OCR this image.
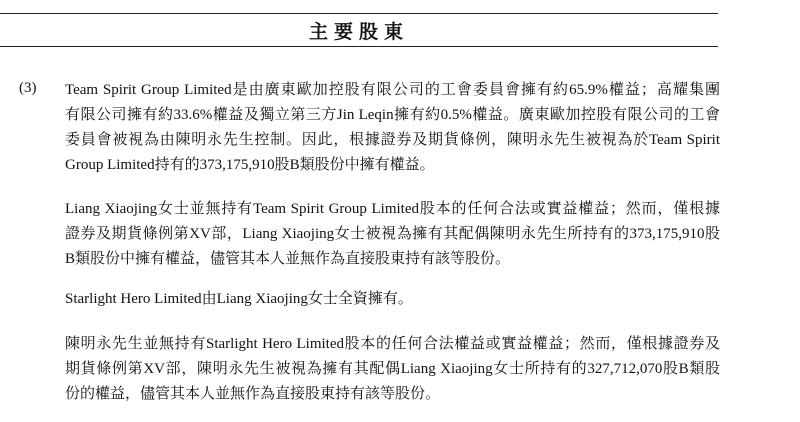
主要股東
(3) Team Spirit Group Limited是由廣東歐加控股有限公司的工會委員會擁有約65.9%權益；高耀集團
有限公司擁有約33.6%權益及獨立第三方Jin Leqin擁有約0.5%權益。廣東歐加控股有限公司的工會
委員會被視為由陳明永先生控制。因此，根據證券及期貨條例，陳明永先生被視為於Team Spirit
Group Limited持有的373,175,910股B類股份中擁有權益。
Liang Xiaojing女士並無持有Team Spirit Group Limited股本的任何合法或實益權益；然而，僅根據
證券及期貨條例第XV部，Liang Xiaojing女士被視為擁有其配偶陳明永先生所持有的373,175,910股
B類股份中擁有權益，儘管其本人並無作為直接股東持有該等股份。
Starlight Hero Limited由Liang Xiaojing女士全資擁有。
陳明永先生並無持有Starlight Hero Limited股本的任何合法權益或實益權益；然而，僅根據證券及
期貨條例第XV部，陳明永先生被視為擁有其配偶Liang Xiaojing女士所持有的327,712,070股B類股
份的權益，儘管其本人並無作為直接股東持有該等股份。
